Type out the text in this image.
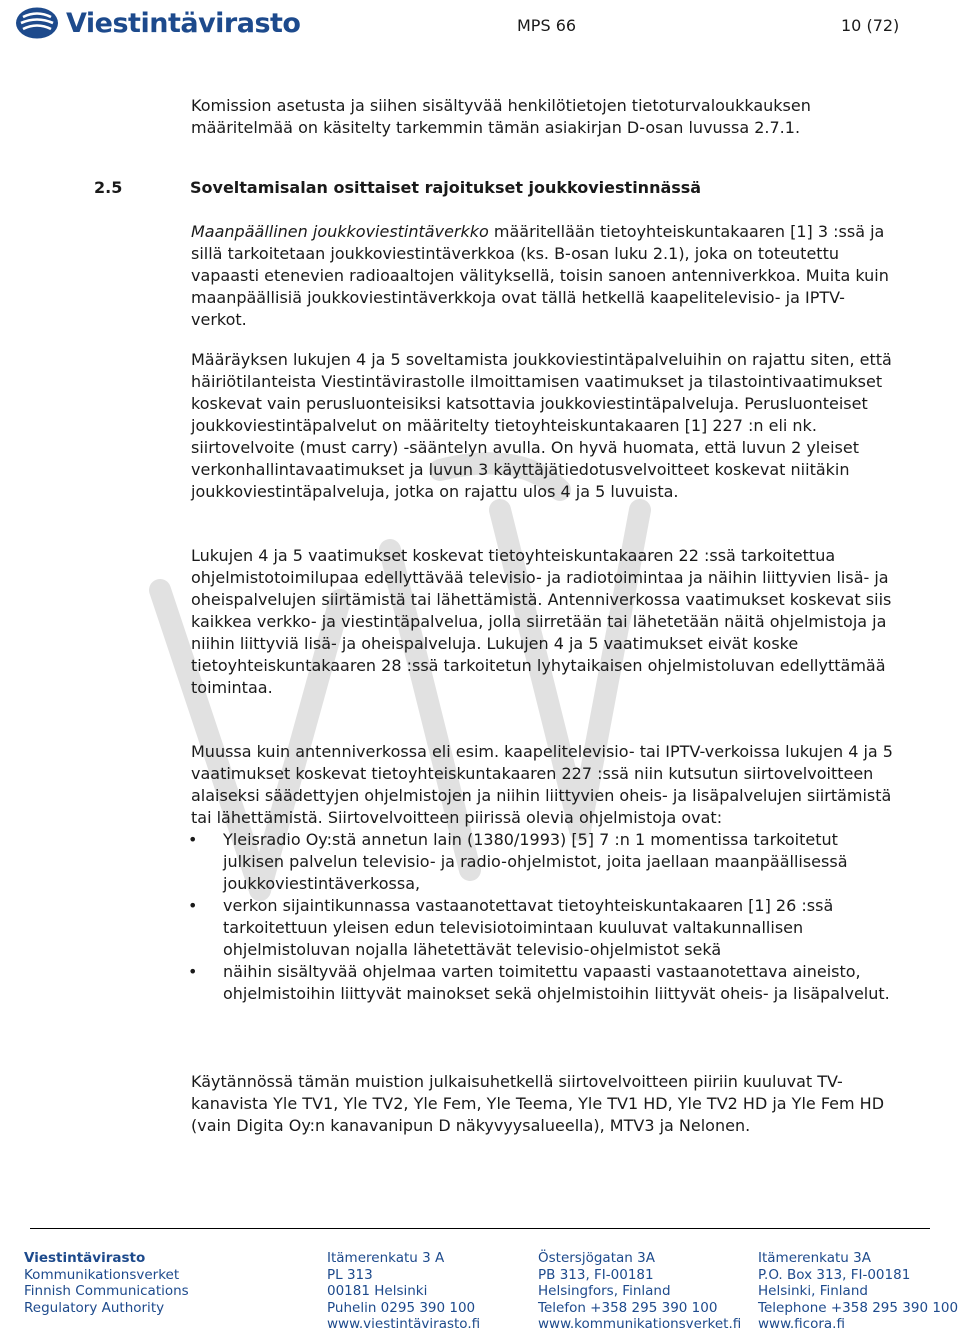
Viestintävirasto	MPS 66	10 (72)

Komission asetusta ja siihen sisältyvää henkilötietojen tietoturvaloukkauksen määritelmää on käsitelty tarkemmin tämän asiakirjan D-osan luvussa 2.7.1.

2.5	Soveltamisalan osittaiset rajoitukset joukkoviestinnässä

Maanpäällinen joukkoviestintäverkko määritellään tietoyhteiskuntakaaren [1] 3 :ssä ja sillä tarkoitetaan joukkoviestintäverkkoa (ks. B-osan luku 2.1), joka on toteutettu vapaasti etenevien radioaaltojen välityksellä, toisin sanoen antenniverkkoa. Muita kuin maanpäällisiä joukkoviestintäverkkoja ovat tällä hetkellä kaapelitelevisio- ja IPTV-verkot.

Määräyksen lukujen 4 ja 5 soveltamista joukkoviestintäpalveluihin on rajattu siten, että häiriötilanteista Viestintävirastolle ilmoittamisen vaatimukset ja tilastointivaatimukset koskevat vain perusluonteisiksi katsottavia joukkoviestintäpalveluja. Perusluonteiset joukkoviestintäpalvelut on määritelty tietoyhteiskuntakaaren [1] 227 :n eli nk. siirtovelvoite (must carry) -sääntelyn avulla. On hyvä huomata, että luvun 2 yleiset verkonhallintavaatimukset ja luvun 3 käyttäjätiedotusvelvoitteet koskevat niitäkin joukkoviestintäpalveluja, jotka on rajattu ulos 4 ja 5 luvuista.

Lukujen 4 ja 5 vaatimukset koskevat tietoyhteiskuntakaaren 22 :ssä tarkoitettua ohjelmistotoimilupaa edellyttävää televisio- ja radiotoimintaa ja näihin liittyvien lisä- ja oheispalvelujen siirtämistä tai lähettämistä. Antenniverkossa vaatimukset koskevat siis kaikkea verkko- ja viestintäpalvelua, jolla siirretään tai lähetetään näitä ohjelmistoja ja niihin liittyviä lisä- ja oheispalveluja. Lukujen 4 ja 5 vaatimukset eivät koske tietoyhteiskuntakaaren 28 :ssä tarkoitetun lyhytaikaisen ohjelmistoluvan edellyttämää toimintaa.

Muussa kuin antenniverkossa eli esim. kaapelitelevisio- tai IPTV-verkoissa lukujen 4 ja 5 vaatimukset koskevat tietoyhteiskuntakaaren 227 :ssä niin kutsutun siirtovelvoitteen alaiseksi säädettyjen ohjelmistojen ja niihin liittyvien oheis- ja lisäpalvelujen siirtämistä tai lähettämistä. Siirtovelvoitteen piirissä olevia ohjelmistoja ovat:

• Yleisradio Oy:stä annetun lain (1380/1993) [5] 7 :n 1 momentissa tarkoitetut julkisen palvelun televisio- ja radio-ohjelmistot, joita jaellaan maanpäällisessä joukkoviestintäverkossa,
• verkon sijaintikunnassa vastaanotettavat tietoyhteiskuntakaaren [1] 26 :ssä tarkoitettuun yleisen edun televisiotoimintaan kuuluvat valtakunnallisen ohjelmistoluvan nojalla lähetettävät televisio-ohjelmistot sekä
• näihin sisältyvää ohjelmaa varten toimitettu vapaasti vastaanotettava aineisto, ohjelmistoihin liittyvät mainokset sekä ohjelmistoihin liittyvät oheis- ja lisäpalvelut.

Käytännössä tämän muistion julkaisuhetkellä siirtovelvoitteen piiriin kuuluvat TV-kanavista Yle TV1, Yle TV2, Yle Fem, Yle Teema, Yle TV1 HD, Yle TV2 HD ja Yle Fem HD (vain Digita Oy:n kanavanipun D näkyvyysalueella), MTV3 ja Nelonen.

Viestintävirasto
Kommunikationsverket
Finnish Communications
Regulatory Authority
Itämerenkatu 3 A
PL 313
00181 Helsinki
Puhelin 0295 390 100
www.viestintävirasto.fi
Östersjögatan 3A
PB 313, FI-00181
Helsingfors, Finland
Telefon +358 295 390 100
www.kommunikationsverket.fi
Itämerenkatu 3A
P.O. Box 313, FI-00181
Helsinki, Finland
Telephone +358 295 390 100
www.ficora.fi
